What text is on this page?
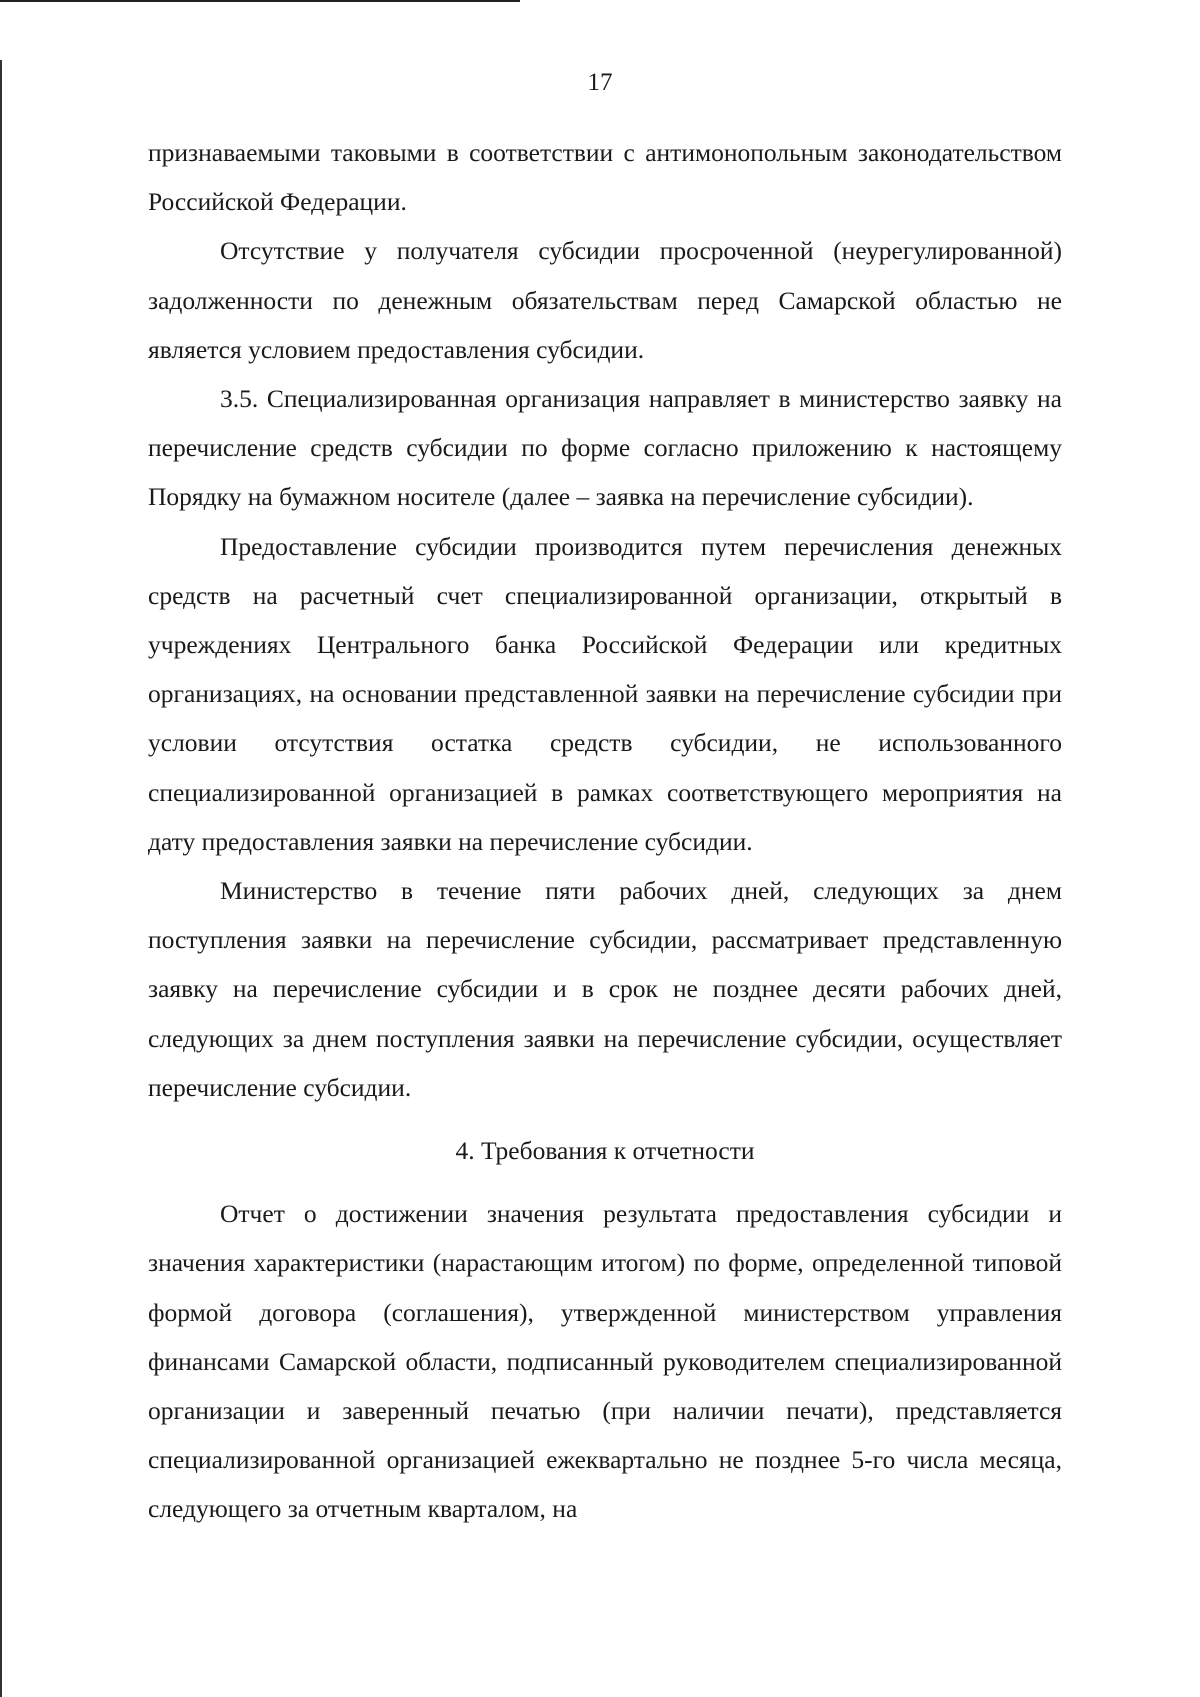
17

признаваемыми таковыми в соответствии с антимонопольным законодательством Российской Федерации.

Отсутствие у получателя субсидии просроченной (неурегулированной) задолженности по денежным обязательствам перед Самарской областью не является условием предоставления субсидии.

3.5. Специализированная организация направляет в министерство заявку на перечисление средств субсидии по форме согласно приложению к настоящему Порядку на бумажном носителе (далее – заявка на перечисление субсидии).

Предоставление субсидии производится путем перечисления денежных средств на расчетный счет специализированной организации, открытый в учреждениях Центрального банка Российской Федерации или кредитных организациях, на основании представленной заявки на перечисление субсидии при условии отсутствия остатка средств субсидии, не использованного специализированной организацией в рамках соответствующего мероприятия на дату предоставления заявки на перечисление субсидии.

Министерство в течение пяти рабочих дней, следующих за днем поступления заявки на перечисление субсидии, рассматривает представленную заявку на перечисление субсидии и в срок не позднее десяти рабочих дней, следующих за днем поступления заявки на перечисление субсидии, осуществляет перечисление субсидии.

4. Требования к отчетности

Отчет о достижении значения результата предоставления субсидии и значения характеристики (нарастающим итогом) по форме, определенной типовой формой договора (соглашения), утвержденной министерством управления финансами Самарской области, подписанный руководителем специализированной организации и заверенный печатью (при наличии печати), представляется специализированной организацией ежеквартально не позднее 5-го числа месяца, следующего за отчетным кварталом, на
